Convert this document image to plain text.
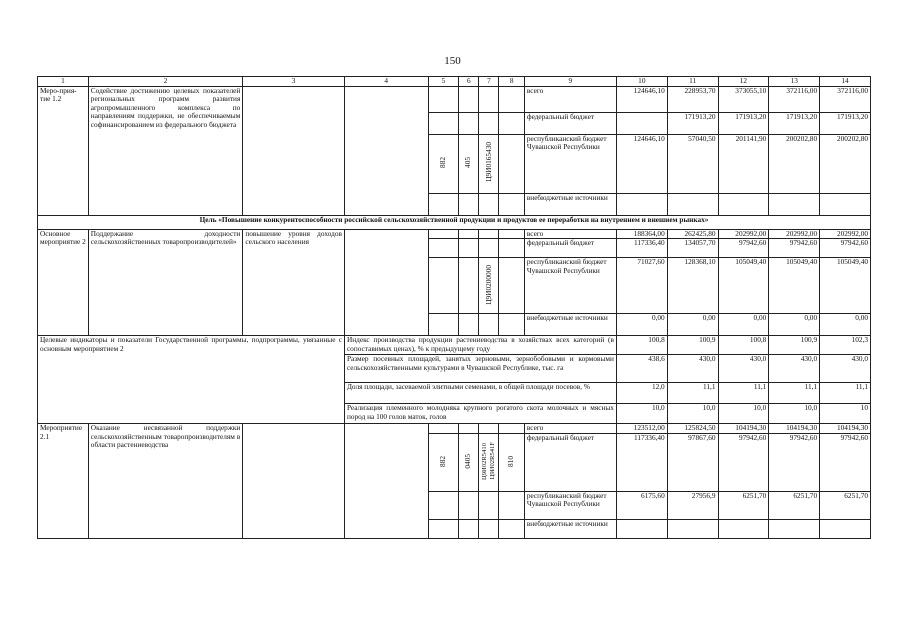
150
1	2	3	4	5	6	7	8	9	10	11	12	13	14
Меро-прия-тие 1.2	Содействие достижению целевых показателей региональных программ развития агропромышленного комплекса по направлениям поддержки, не обеспечиваемым софинансированием из федерального бюджета							всего	124646,10	228953,70	373055,10	372116,00	372116,00
								федеральный бюджет		171913,20	171913,20	171913,20	171913,20
				882	405	Ц9И0165430		республиканский бюджет Чувашской Республики	124646,10	57040,50	201141,90	200202,80	200202,80
								внебюджетные источники					
Цель «Повышение конкурентоспособности российской сельскохозяйственной продукции и продуктов ее переработки на внутреннем и внешнем рынках»													
Основное мероприятие 2	Поддержание доходности сельскохозяйственных товаропроизводителей»	повышение уровня доходов сельского населения						всего	188364,00	262425,80	202992,00	202992,00	202992,00
								федеральный бюджет	117336,40	134057,70	97942,60	97942,60	97942,60
						Ц9И0200000		республиканский бюджет Чувашской Республики	71027,60	128368,10	105049,40	105049,40	105049,40
								внебюджетные источники	0,00	0,00	0,00	0,00	0,00
Целевые индикаторы и показатели Государственной программы, подпрограммы, увязанные с основным мероприятием 2			Индекс производства продукции растениеводства в хозяйствах всех категорий (в сопоставимых ценах), % к предыдущему году						100,8	100,9	100,8	100,9	102,3
			Размер посевных площадей, занятых зерновыми, зернобобовыми и кормовыми сельскохозяйственными культурами в Чувашской Республике, тыс. га						438,6	430,0	430,0	430,0	430,0
			Доля площади, засеваемой элитными семенами, в общей площади посевов, %						12,0	11,1	11,1	11,1	11,1
			Реализация племенного молодняка крупного рогатого скота молочных и мясных пород на 100 голов маток, голов						10,0	10,0	10,0	10,0	10
Мероприятие 2.1	Оказание несвязанной поддержки сельскохозяйственным товаропроизводителям в области растениеводства							всего	123512,00	125824,50	104194,30	104194,30	104194,30
				882	0405	Ц9И02R5410Ц9И02R541F	810	федеральный бюджет	117336,40	97867,60	97942,60	97942,60	97942,60
								республиканский бюджет Чувашской Республики	6175,60	27956,9	6251,70	6251,70	6251,70
								внебюджетные источники					
